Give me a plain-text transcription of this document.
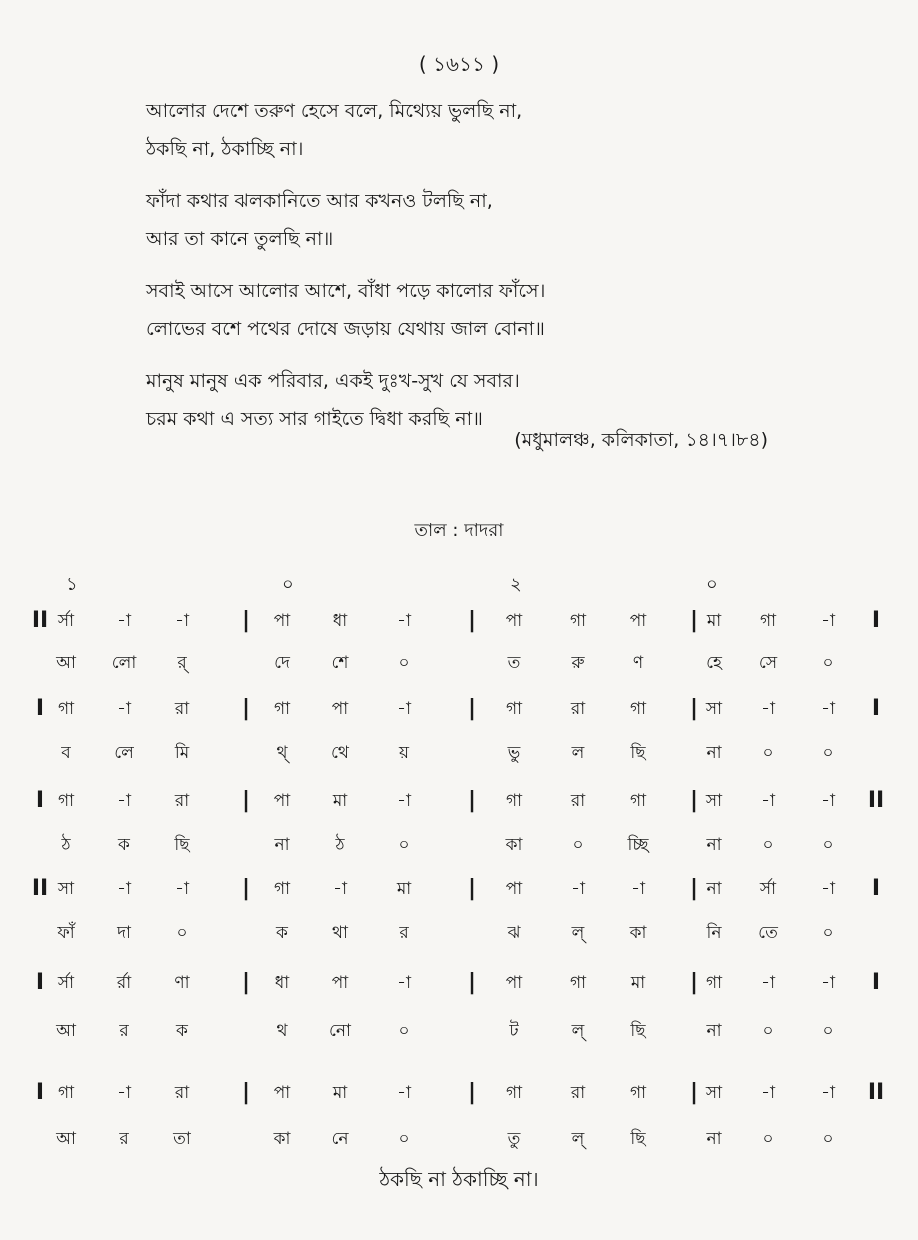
( ১৬১১ )
আলোর দেশে তরুণ হেসে বলে, মিথ্যেয় ভুলছি না,
ঠকছি না, ঠকাচ্ছি না।
ফাঁদা কথার ঝলকানিতে আর কখনও টলছি না,
আর তা কানে তুলছি না॥
সবাই আসে আলোর আশে, বাঁধা পড়ে কালোর ফাঁসে।
লোভের বশে পথের দোষে জড়ায় যেথায় জাল বোনা॥
মানুষ মানুষ এক পরিবার, একই দুঃখ-সুখ যে সবার।
চরম কথা এ সত্য সার গাইতে দ্বিধা করছি না॥
(মধুমালঞ্চ, কলিকাতা, ১৪।৭।৮৪)
তাল : দাদরা
১	০	২	০
II	|	|	|	I
র্সা	-া	-া	পা	ধা	-া	পা	গা	পা	মা	গা	-া
আ	লো	র্	দে	শে	০	ত	রু	ণ	হে	সে	০
I	|	|	|	I
গা	-া	রা	গা	পা	-া	গা	রা	গা	সা	-া	-া
ব	লে	মি	থ্	থে	য়	ভু	ল	ছি	না	০	০
I	|	|	|	II
গা	-া	রা	পা	মা	-া	গা	রা	গা	সা	-া	-া
ঠ	ক	ছি	না	ঠ	০	কা	০	চ্ছি	না	০	০
II	|	|	|	I
সা	-া	-া	গা	-া	মা	পা	-া	-া	না	র্সা	-া
ফাঁ	দা	০	ক	থা	র	ঝ	ল্	কা	নি	তে	০
I	|	|	|	I
র্সা	র্রা	ণা	ধা	পা	-া	পা	গা	মা	গা	-া	-া
আ	র	ক	থ	নো	০	ট	ল্	ছি	না	০	০
I	|	|	|	II
গা	-া	রা	পা	মা	-া	গা	রা	গা	সা	-া	-া
আ	র	তা	কা	নে	০	তু	ল্	ছি	না	০	০
ঠকছি না ঠকাচ্ছি না।
